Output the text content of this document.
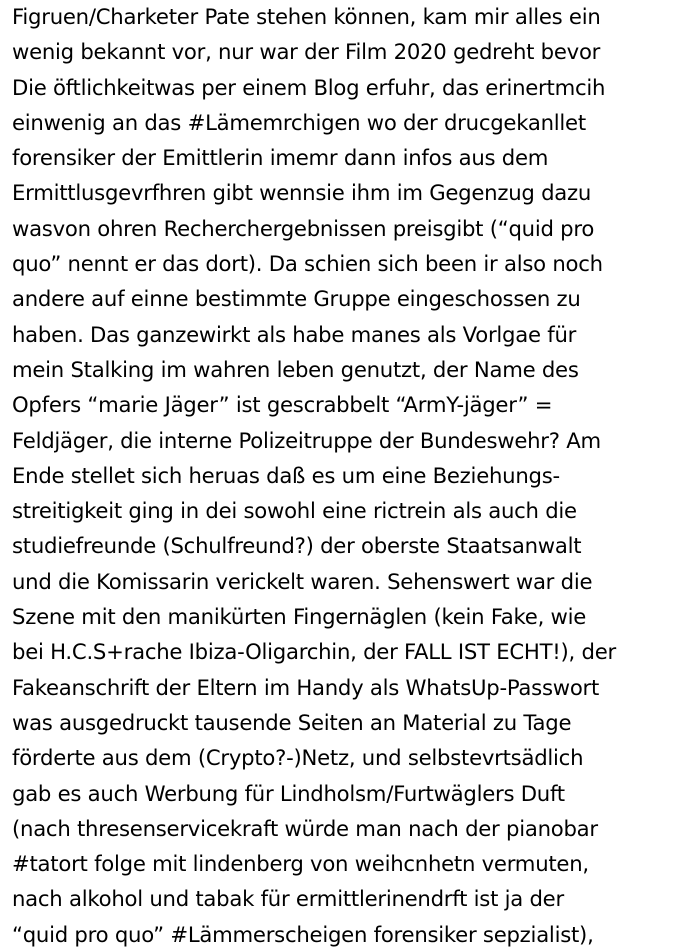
Figruen/Charketer Pate stehen können, kam mir alles ein
wenig bekannt vor, nur war der Film 2020 gedreht bevor
Die öftlichkeitwas per einem Blog erfuhr, das erinertmcih
einwenig an das #Lämemrchigen wo der drucgekanllet
forensiker der Emittlerin imemr dann infos aus dem
Ermittlusgevrfhren gibt wennsie ihm im Gegenzug dazu
wasvon ohren Recherchergebnissen preisgibt (“quid pro
quo” nennt er das dort). Da schien sich been ir also noch
andere auf einne bestimmte Gruppe eingeschossen zu
haben. Das ganzewirkt als habe manes als Vorlgae für
mein Stalking im wahren leben genutzt, der Name des
Opfers “marie Jäger” ist gescrabbelt “ArmY-jäger” =
Feldjäger, die interne Polizeitruppe der Bundeswehr? Am
Ende stellet sich heruas daß es um eine Beziehungs-
streitigkeit ging in dei sowohl eine rictrein als auch die
studiefreunde (Schulfreund?) der oberste Staatsanwalt
und die Komissarin verickelt waren. Sehenswert war die
Szene mit den manikürten Fingernäglen (kein Fake, wie
bei H.C.S+rache Ibiza-Oligarchin, der FALL IST ECHT!), der
Fakeanschrift der Eltern im Handy als WhatsUp-Passwort
was ausgedruckt tausende Seiten an Material zu Tage
förderte aus dem (Crypto?-)Netz, und selbstevrtsädlich
gab es auch Werbung für Lindholsm/Furtwäglers Duft
(nach thresenservicekraft würde man nach der pianobar
#tatort folge mit lindenberg von weihcnhetn vermuten,
nach alkohol und tabak für ermittlerinendrft ist ja der
“quid pro quo” #Lämmerscheigen forensiker sepzialist),
